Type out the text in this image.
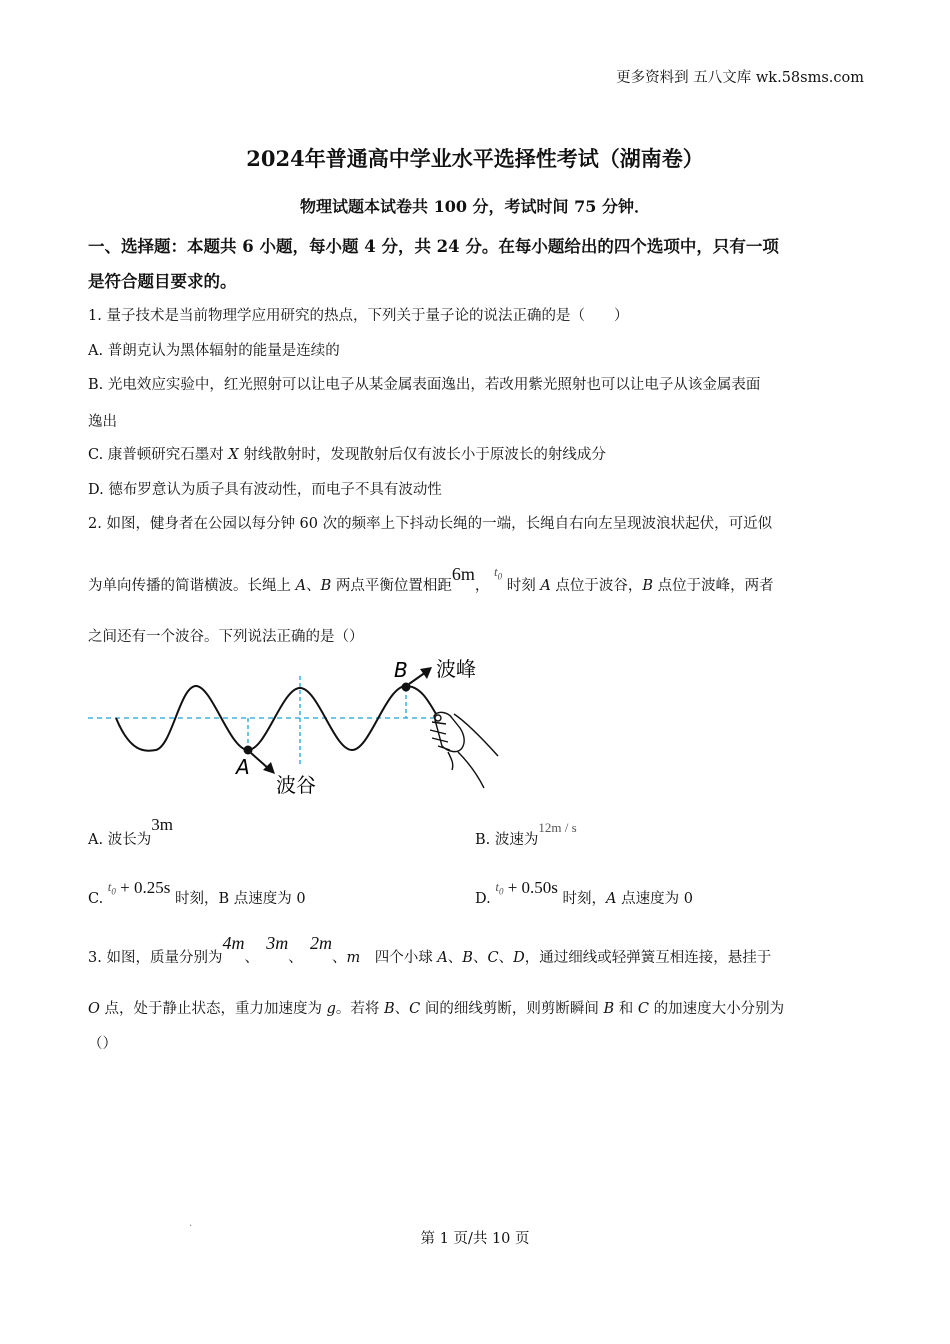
更多资料到 五八文库 wk.58sms.com
2024年普通高中学业水平选择性考试（湖南卷）
物理试题本试卷共 100 分，考试时间 75 分钟．
一、选择题：本题共 6 小题，每小题 4 分，共 24 分。在每小题给出的四个选项中，只有一项
是符合题目要求的。
1. 量子技术是当前物理学应用研究的热点，下列关于量子论的说法正确的是（　　）
A. 普朗克认为黑体辐射的能量是连续的
B. 光电效应实验中，红光照射可以让电子从某金属表面逸出，若改用紫光照射也可以让电子从该金属表面
逸出
C. 康普顿研究石墨对 X 射线散射时，发现散射后仅有波长小于原波长的射线成分
D. 德布罗意认为质子具有波动性，而电子不具有波动性
2. 如图，健身者在公园以每分钟 60 次的频率上下抖动长绳的一端，长绳自右向左呈现波浪状起伏，可近似
为单向传播的简谐横波。长绳上 A、B 两点平衡位置相距6m， $t_0$ 时刻 A 点位于波谷，B 点位于波峰，两者
之间还有一个波谷。下列说法正确的是（）
A
B
波谷
波峰
A. 波长为3m
B. 波速为12m / s
C. $t_0 + 0.25s$ 时刻，B 点速度为 0	D. $t_0 + 0.50s$ 时刻，A 点速度为 0
3. 如图，质量分别为4m、　3m、　2m、m　四个小球 A、B、C、D，通过细线或轻弹簧互相连接，悬挂于
O 点，处于静止状态，重力加速度为 g。若将 B、C 间的细线剪断，则剪断瞬间 B 和 C 的加速度大小分别为
（）
.
第 1 页/共 10 页
